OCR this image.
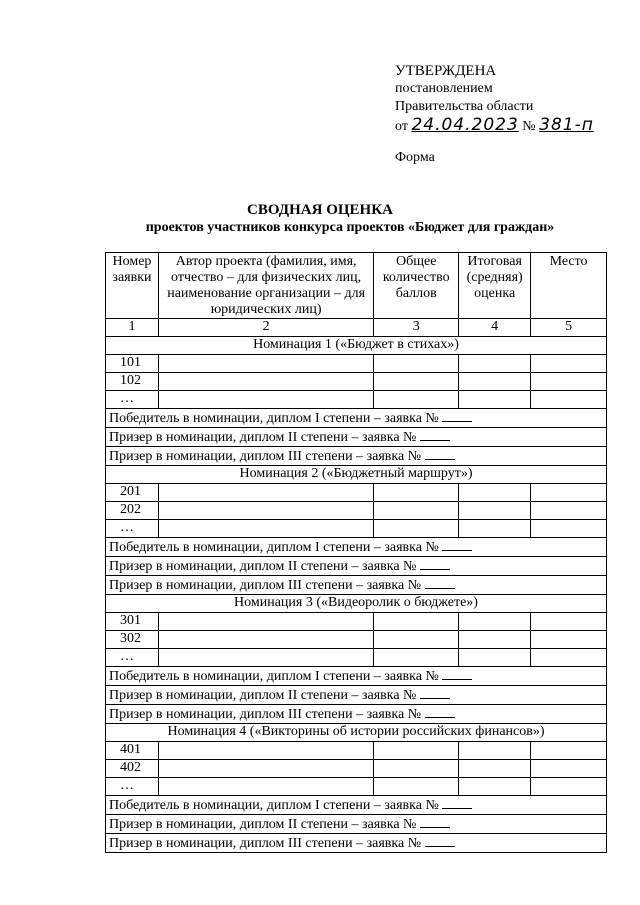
УТВЕРЖДЕНА
постановлением
Правительства области
от 24.04.2023 № 381-п
Форма
СВОДНАЯ ОЦЕНКА
проектов участников конкурса проектов «Бюджет для граждан»
Номер заявки	Автор проекта (фамилия, имя, отчество – для физических лиц, наименование организации – для юридических лиц)	Общее количество баллов	Итоговая (средняя) оценка	Место
1	2	3	4	5
Номинация 1 («Бюджет в стихах»)				
101				
102				
…				
Победитель в номинации, диплом I степени – заявка №				
Призер в номинации, диплом II степени – заявка №				
Призер в номинации, диплом III степени – заявка №				
Номинация 2 («Бюджетный маршрут»)				
201				
202				
…				
Победитель в номинации, диплом I степени – заявка №				
Призер в номинации, диплом II степени – заявка №				
Призер в номинации, диплом III степени – заявка №				
Номинация 3 («Видеоролик о бюджете»)				
301				
302				
…				
Победитель в номинации, диплом I степени – заявка №				
Призер в номинации, диплом II степени – заявка №				
Призер в номинации, диплом III степени – заявка №				
Номинация 4 («Викторины об истории российских финансов»)				
401				
402				
…				
Победитель в номинации, диплом I степени – заявка №				
Призер в номинации, диплом II степени – заявка №				
Призер в номинации, диплом III степени – заявка №				
